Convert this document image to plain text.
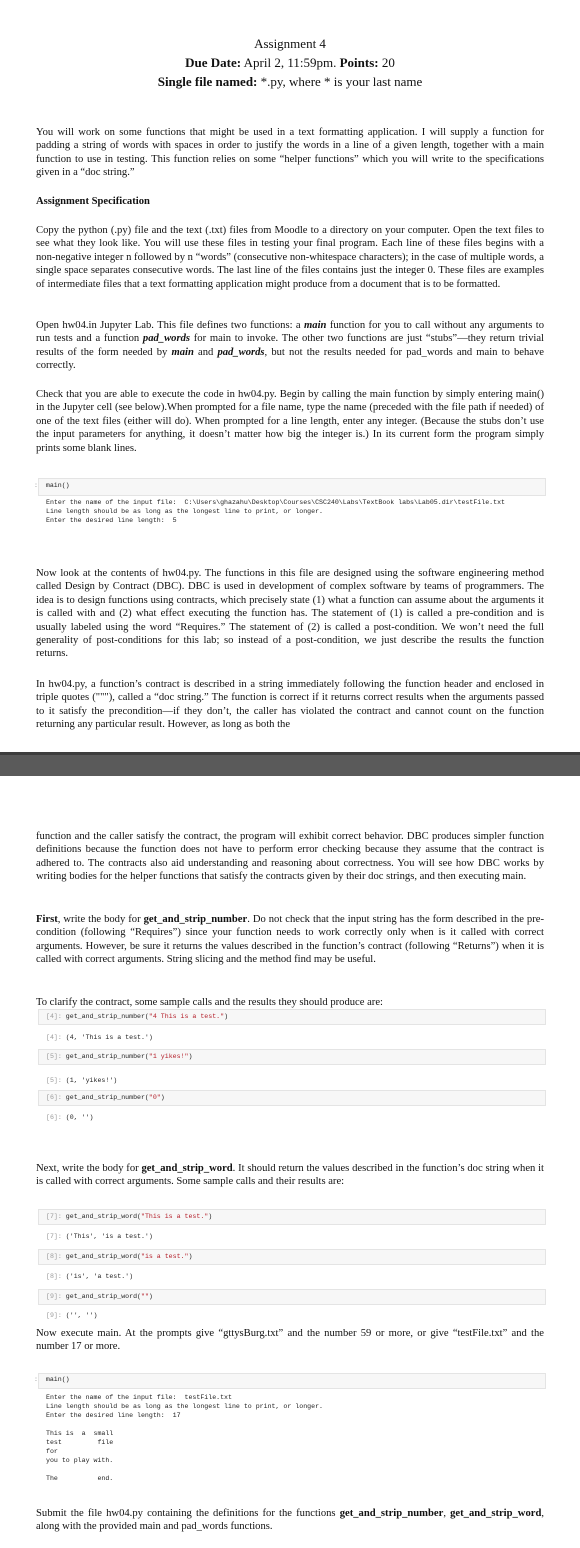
Assignment 4
Due Date: April 2, 11:59pm. Points: 20
Single file named: *.py, where * is your last name

You will work on some functions that might be used in a text formatting application. I will supply a function for padding a string of words with spaces in order to justify the words in a line of a given length, together with a main function to use in testing. This function relies on some “helper functions” which you will write to the specifications given in a “doc string.”

Assignment Specification

Copy the python (.py) file and the text (.txt) files from Moodle to a directory on your computer. Open the text files to see what they look like. You will use these files in testing your final program. Each line of these files begins with a non-negative integer n followed by n “words” (consecutive non-whitespace characters); in the case of multiple words, a single space separates consecutive words. The last line of the files contains just the integer 0. These files are examples of intermediate files that a text formatting application might produce from a document that is to be formatted.

Open hw04.in Jupyter Lab. This file defines two functions: a main function for you to call without any arguments to run tests and a function pad_words for main to invoke. The other two functions are just “stubs”—they return trivial results of the form needed by main and pad_words, but not the results needed for pad_words and main to behave correctly.

Check that you are able to execute the code in hw04.py. Begin by calling the main function by simply entering main() in the Jupyter cell (see below).When prompted for a file name, type the name (preceded with the file path if needed) of one of the text files (either will do). When prompted for a line length, enter any integer. (Because the stubs don’t use the input parameters for anything, it doesn’t matter how big the integer is.) In its current form the program simply prints some blank lines.

:  main()
Enter the name of the input file:  C:\Users\ghazahu\Desktop\Courses\CSC240\Labs\TextBook labs\Lab05.dir\testFile.txt
Line length should be as long as the longest line to print, or longer.
Enter the desired line length:  5

Now look at the contents of hw04.py. The functions in this file are designed using the software engineering method called Design by Contract (DBC). DBC is used in development of complex software by teams of programmers. The idea is to design functions using contracts, which precisely state (1) what a function can assume about the arguments it is called with and (2) what effect executing the function has. The statement of (1) is called a pre-condition and is usually labeled using the word “Requires.” The statement of (2) is called a post-condition. We won’t need the full generality of post-conditions for this lab; so instead of a post-condition, we just describe the results the function returns.

In hw04.py, a function’s contract is described in a string immediately following the function header and enclosed in triple quotes ("""), called a “doc string.” The function is correct if it returns correct results when the arguments passed to it satisfy the precondition—if they don’t, the caller has violated the contract and cannot count on the function returning any particular result. However, as long as both the

function and the caller satisfy the contract, the program will exhibit correct behavior. DBC produces simpler function definitions because the function does not have to perform error checking because they assume that the contract is adhered to. The contracts also aid understanding and reasoning about correctness. You will see how DBC works by writing bodies for the helper functions that satisfy the contracts given by their doc strings, and then executing main.

First, write the body for get_and_strip_number. Do not check that the input string has the form described in the pre-condition (following “Requires”) since your function needs to work correctly only when is it called with correct arguments. However, be sure it returns the values described in the function’s contract (following “Returns”) when it is called with correct arguments. String slicing and the method find may be useful.

To clarify the contract, some sample calls and the results they should produce are:

[4]: get_and_strip_number("4 This is a test.")
[4]: (4, 'This is a test.')
[5]: get_and_strip_number("1 yikes!")
[5]: (1, 'yikes!')
[6]: get_and_strip_number("0")
[6]: (0, '')

Next, write the body for get_and_strip_word. It should return the values described in the function’s doc string when it is called with correct arguments. Some sample calls and their results are:

[7]: get_and_strip_word("This is a test.")
[7]: ('This', 'is a test.')
[8]: get_and_strip_word("is a test.")
[8]: ('is', 'a test.')
[9]: get_and_strip_word("")
[9]: ('', '')

Now execute main. At the prompts give “gttysBurg.txt” and the number 59 or more, or give “testFile.txt” and the number 17 or more.

:  main()
Enter the name of the input file:  testFile.txt
Line length should be as long as the longest line to print, or longer.
Enter the desired line length:  17

This is  a  small
test         file
for
you to play with.

The          end.

Submit the file hw04.py containing the definitions for the functions get_and_strip_number, get_and_strip_word, along with the provided main and pad_words functions.
